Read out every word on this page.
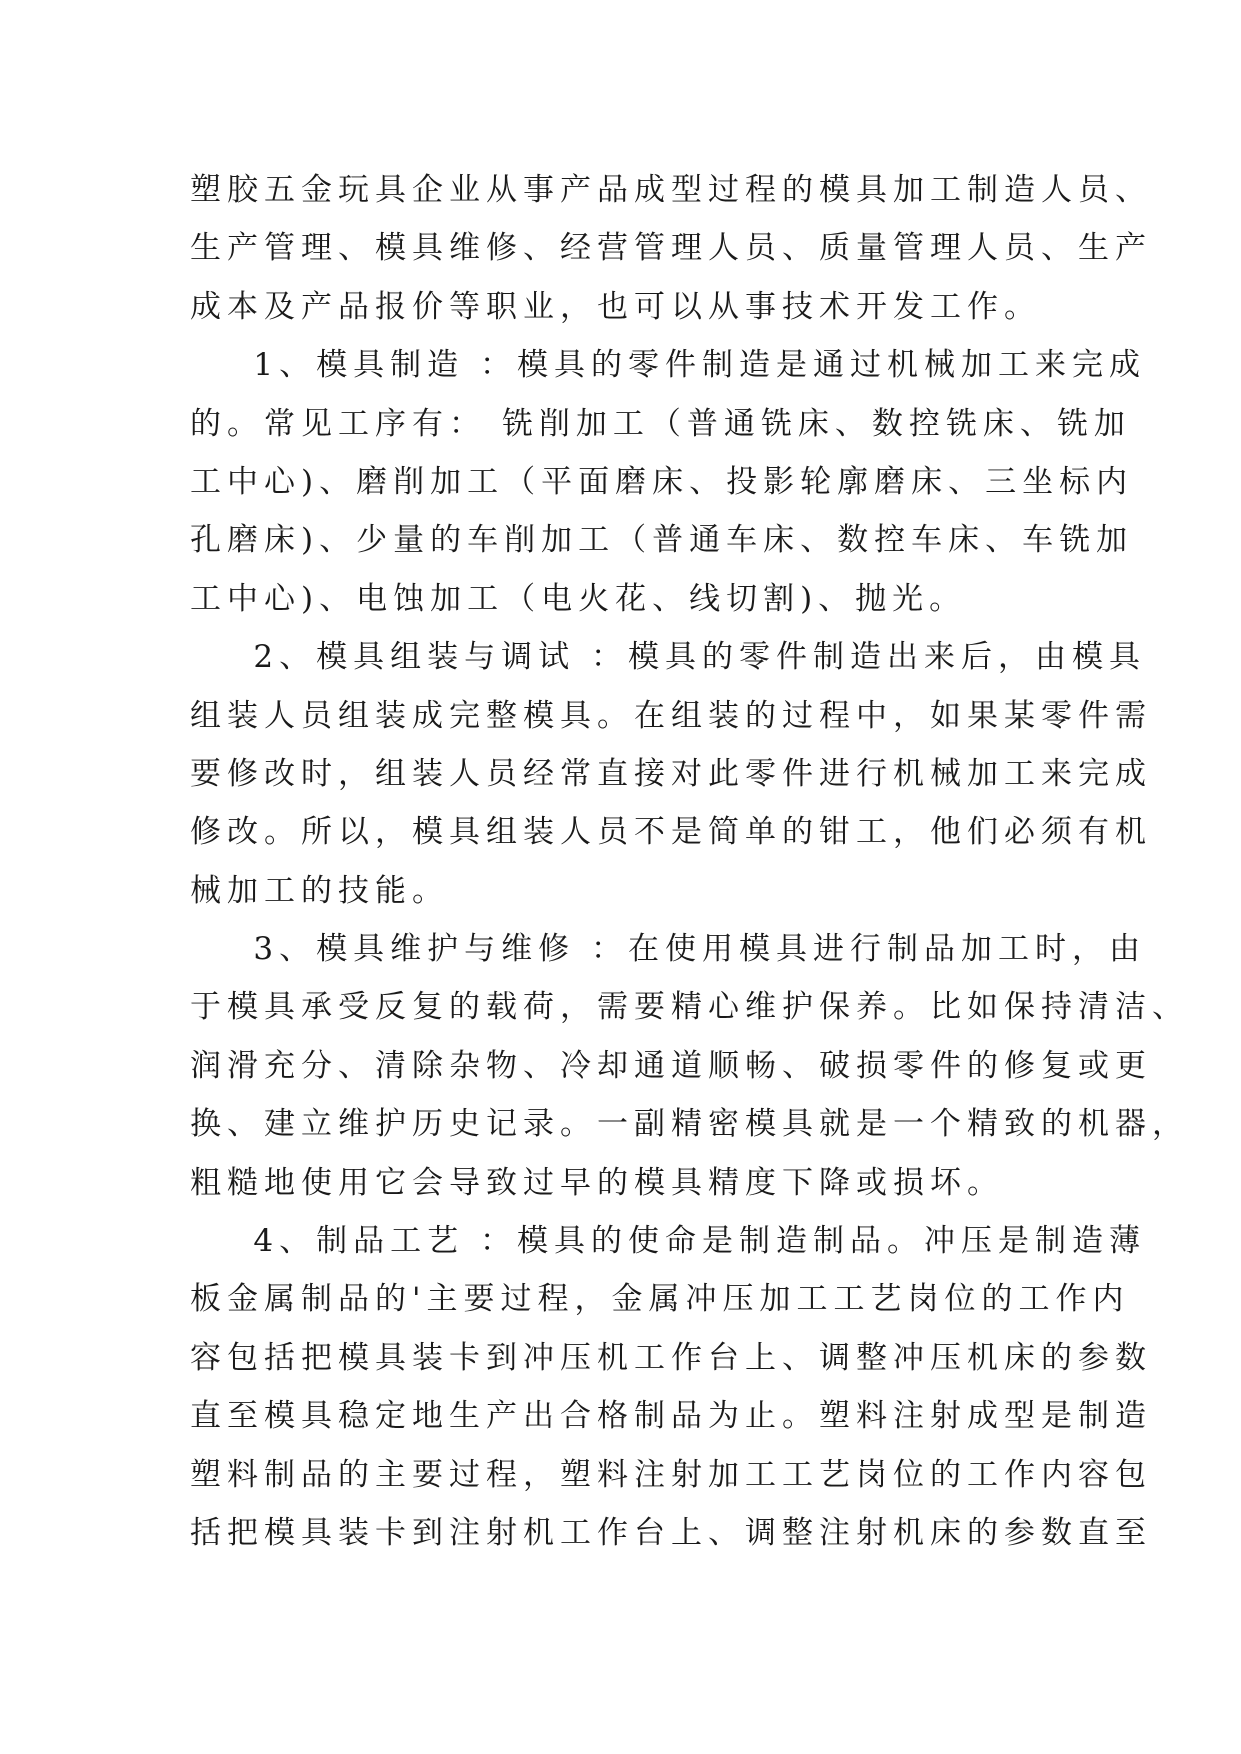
塑胶五金玩具企业从事产品成型过程的模具加工制造人员、
生产管理、模具维修、经营管理人员、质量管理人员、生产
成本及产品报价等职业，也可以从事技术开发工作。
1、模具制造 ：模具的零件制造是通过机械加工来完成
的。常见工序有： 铣削加工（普通铣床、数控铣床、铣加
工中心)、磨削加工（平面磨床、投影轮廓磨床、三坐标内
孔磨床)、少量的车削加工（普通车床、数控车床、车铣加
工中心)、电蚀加工（电火花、线切割)、抛光。
2、模具组装与调试 ：模具的零件制造出来后，由模具
组装人员组装成完整模具。在组装的过程中，如果某零件需
要修改时，组装人员经常直接对此零件进行机械加工来完成
修改。所以，模具组装人员不是简单的钳工，他们必须有机
械加工的技能。
3、模具维护与维修 ：在使用模具进行制品加工时，由
于模具承受反复的载荷，需要精心维护保养。比如保持清洁、
润滑充分、清除杂物、冷却通道顺畅、破损零件的修复或更
换、建立维护历史记录。一副精密模具就是一个精致的机器，
粗糙地使用它会导致过早的模具精度下降或损坏。
4、制品工艺 ：模具的使命是制造制品。冲压是制造薄
板金属制品的'主要过程，金属冲压加工工艺岗位的工作内
容包括把模具装卡到冲压机工作台上、调整冲压机床的参数
直至模具稳定地生产出合格制品为止。塑料注射成型是制造
塑料制品的主要过程，塑料注射加工工艺岗位的工作内容包
括把模具装卡到注射机工作台上、调整注射机床的参数直至
